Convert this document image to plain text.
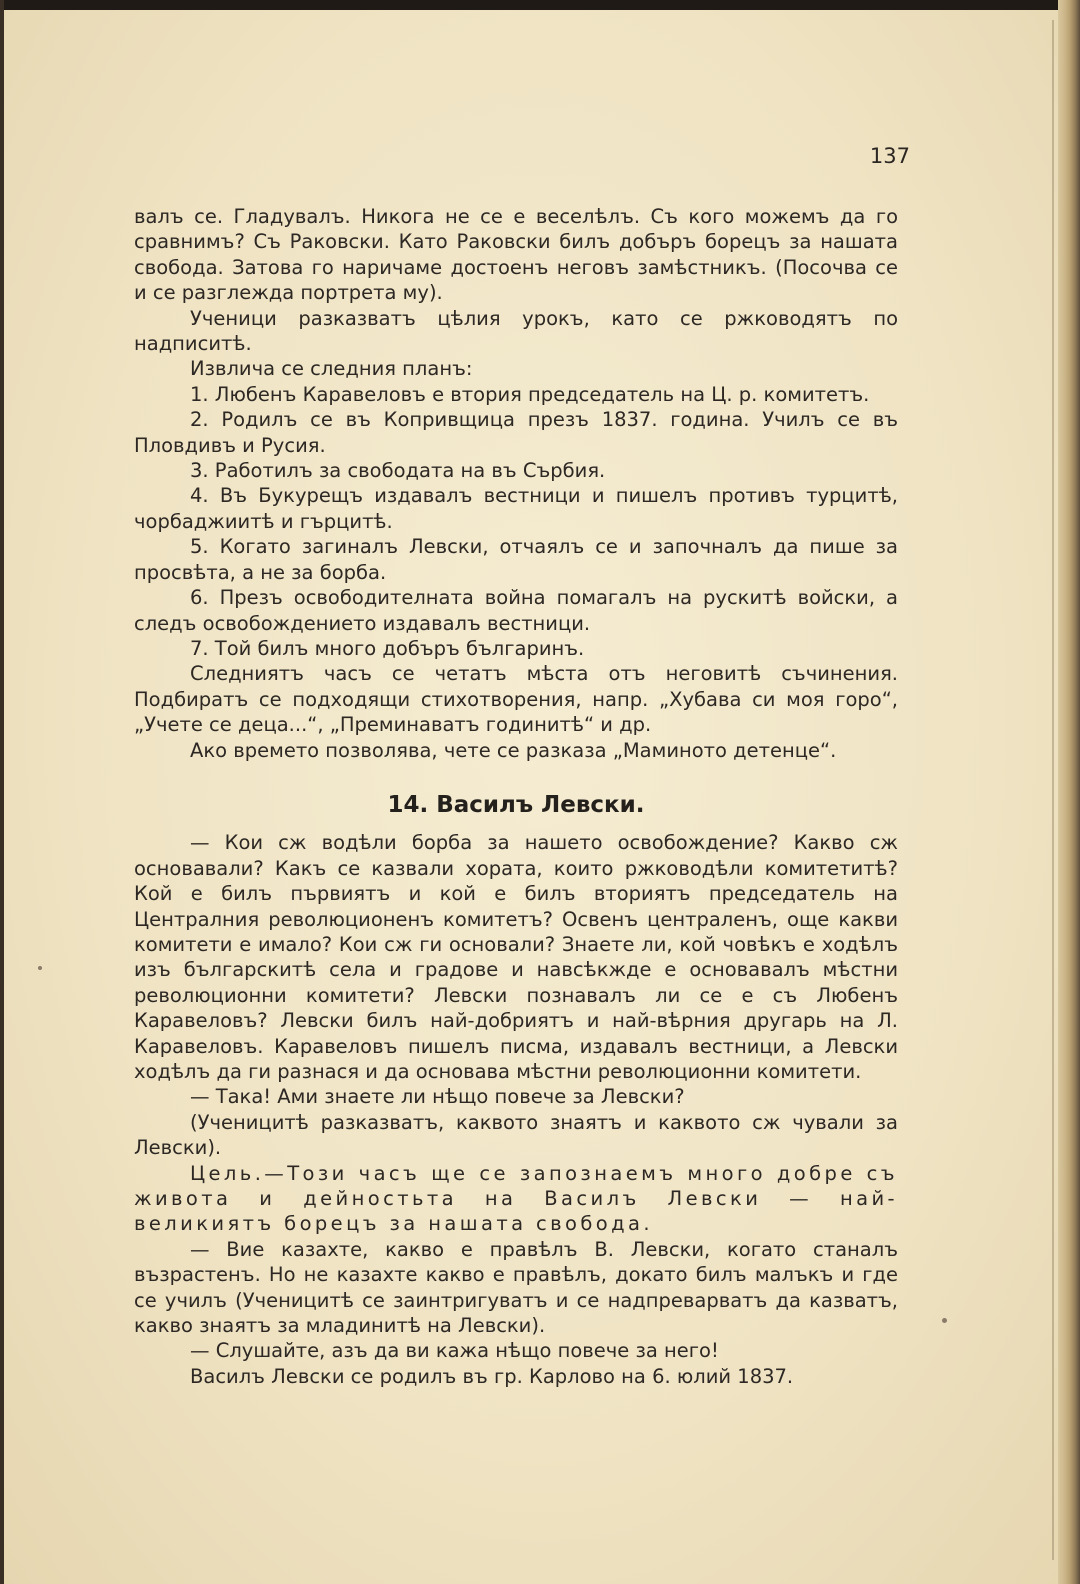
137

валъ се. Гладувалъ. Никога не се е веселѣлъ. Съ кого можемъ да го сравнимъ? Съ Раковски. Като Раковски билъ добъръ борецъ за нашата свобода. Затова го наричаме достоенъ неговъ замѣстникъ. (Посочва се и се разглежда портрета му).

Ученици разказватъ цѣлия урокъ, като се ржководятъ по надписитѣ.

Извлича се следния планъ:

1. Любенъ Каравеловъ е втория председатель на Ц. р. комитетъ.

2. Родилъ се въ Копривщица презъ 1837. година. Училъ се въ Пловдивъ и Русия.

3. Работилъ за свободата на въ Сърбия.

4. Въ Букурещъ издавалъ вестници и пишелъ противъ турцитѣ, чорбаджиитѣ и гърцитѣ.

5. Когато загиналъ Левски, отчаялъ се и започналъ да пише за просвѣта, а не за борба.

6. Презъ освободителната война помагалъ на рускитѣ войски, а следъ освобождението издавалъ вестници.

7. Той билъ много добъръ българинъ.

Следниятъ часъ се четатъ мѣста отъ неговитѣ съчинения. Подбиратъ се подходящи стихотворения, напр. „Хубава си моя горо“, „Учете се деца...“, „Преминаватъ годинитѣ“ и др.

Ако времето позволява, чете се разказа „Маминото детенце“.

14. Василъ Левски.

— Кои сж водѣли борба за нашето освобождение? Какво сж основавали? Какъ се казвали хората, които ржководѣли комитетитѣ? Кой е билъ първиятъ и кой е билъ вториятъ председатель на Централния революционенъ комитетъ? Освенъ централенъ, още какви комитети е имало? Кои сж ги основали? Знаете ли, кой човѣкъ е ходѣлъ изъ българскитѣ села и градове и навсѣкжде е основавалъ мѣстни революционни комитети? Левски познавалъ ли се е съ Любенъ Каравеловъ? Левски билъ най-добриятъ и най-вѣрния другарь на Л. Каравеловъ. Каравеловъ пишелъ писма, издавалъ вестници, а Левски ходѣлъ да ги разнася и да основава мѣстни революционни комитети.

— Така! Ами знаете ли нѣщо повече за Левски?

(Ученицитѣ разказватъ, каквото знаятъ и каквото сж чували за Левски).

Цель.—Този часъ ще се запознаемъ много добре съ живота и дейностьта на Василъ Левски — най-великиятъ борецъ за нашата свобода.

— Вие казахте, какво е правѣлъ В. Левски, когато станалъ възрастенъ. Но не казахте какво е правѣлъ, докато билъ малъкъ и где се училъ (Ученицитѣ се заинтригуватъ и се надпреварватъ да казватъ, какво знаятъ за младинитѣ на Левски).

— Слушайте, азъ да ви кажа нѣщо повече за него!

Василъ Левски се родилъ въ гр. Карлово на 6. юлий 1837.
